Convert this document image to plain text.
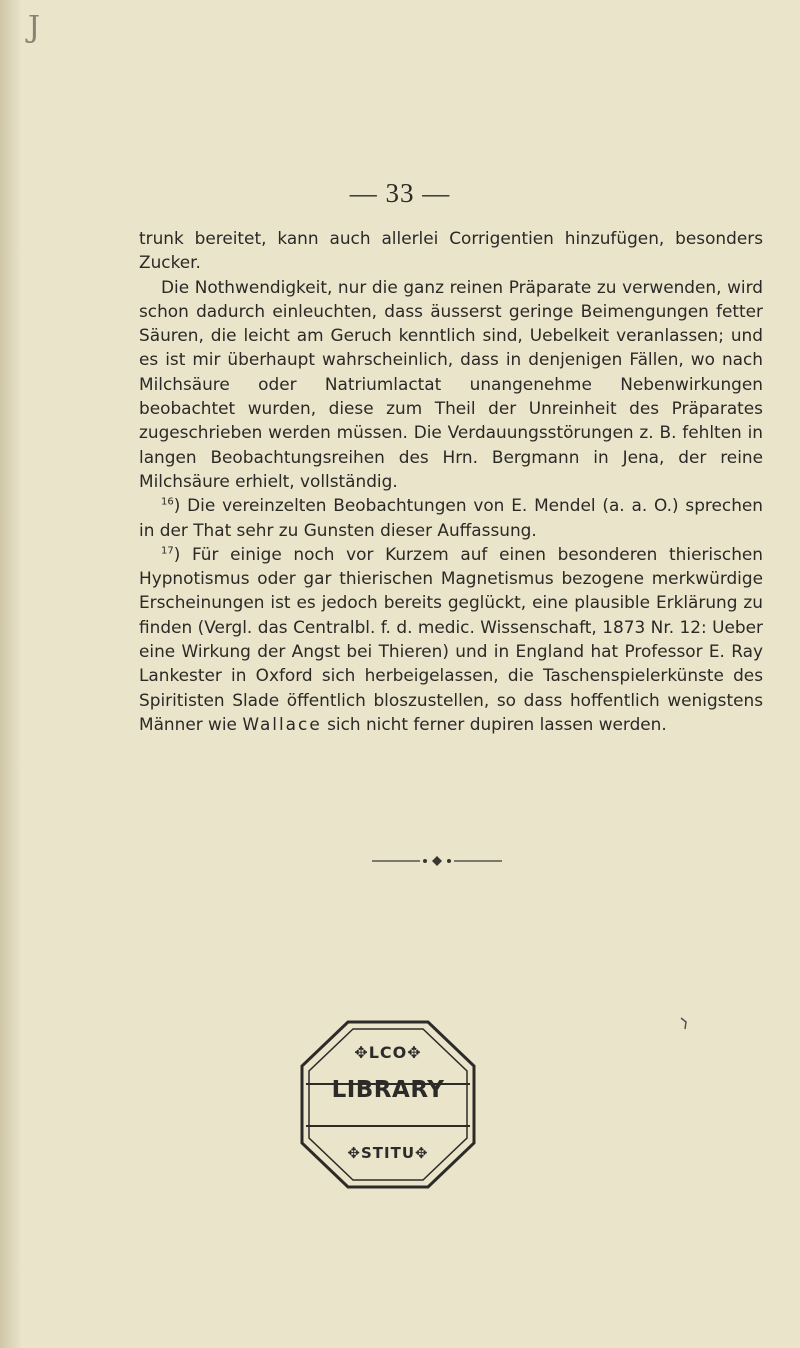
J
— 33 —

trunk bereitet, kann auch allerlei Corrigentien hinzufügen, besonders Zucker.

Die Nothwendigkeit, nur die ganz reinen Präparate zu verwenden, wird schon dadurch einleuchten, dass äusserst geringe Beimengungen fetter Säuren, die leicht am Geruch kenntlich sind, Uebelkeit veranlassen; und es ist mir überhaupt wahrscheinlich, dass in denjenigen Fällen, wo nach Milchsäure oder Natriumlactat unangenehme Nebenwirkungen beobachtet wurden, diese zum Theil der Unreinheit des Präparates zugeschrieben werden müssen. Die Verdauungsstörungen z. B. fehlten in langen Beobachtungsreihen des Hrn. Bergmann in Jena, der reine Milchsäure erhielt, vollständig.

$^{16}$) Die vereinzelten Beobachtungen von E. Mendel (a. a. O.) sprechen in der That sehr zu Gunsten dieser Auffassung.

$^{17}$) Für einige noch vor Kurzem auf einen besonderen thierischen Hypnotismus oder gar thierischen Magnetismus bezogene merkwürdige Erscheinungen ist es jedoch bereits geglückt, eine plausible Erklärung zu finden (Vergl. das Centralbl. f. d. medic. Wissenschaft, 1873 Nr. 12: Ueber eine Wirkung der Angst bei Thieren) und in England hat Professor E. Ray Lankester in Oxford sich herbeigelassen, die Taschenspielerkünste des Spiritisten Slade öffentlich bloszustellen, so dass hoffentlich wenigstens Männer wie Wallace sich nicht ferner dupiren lassen werden.

✥LCO✥
✥STITU✥
LIBRARY
